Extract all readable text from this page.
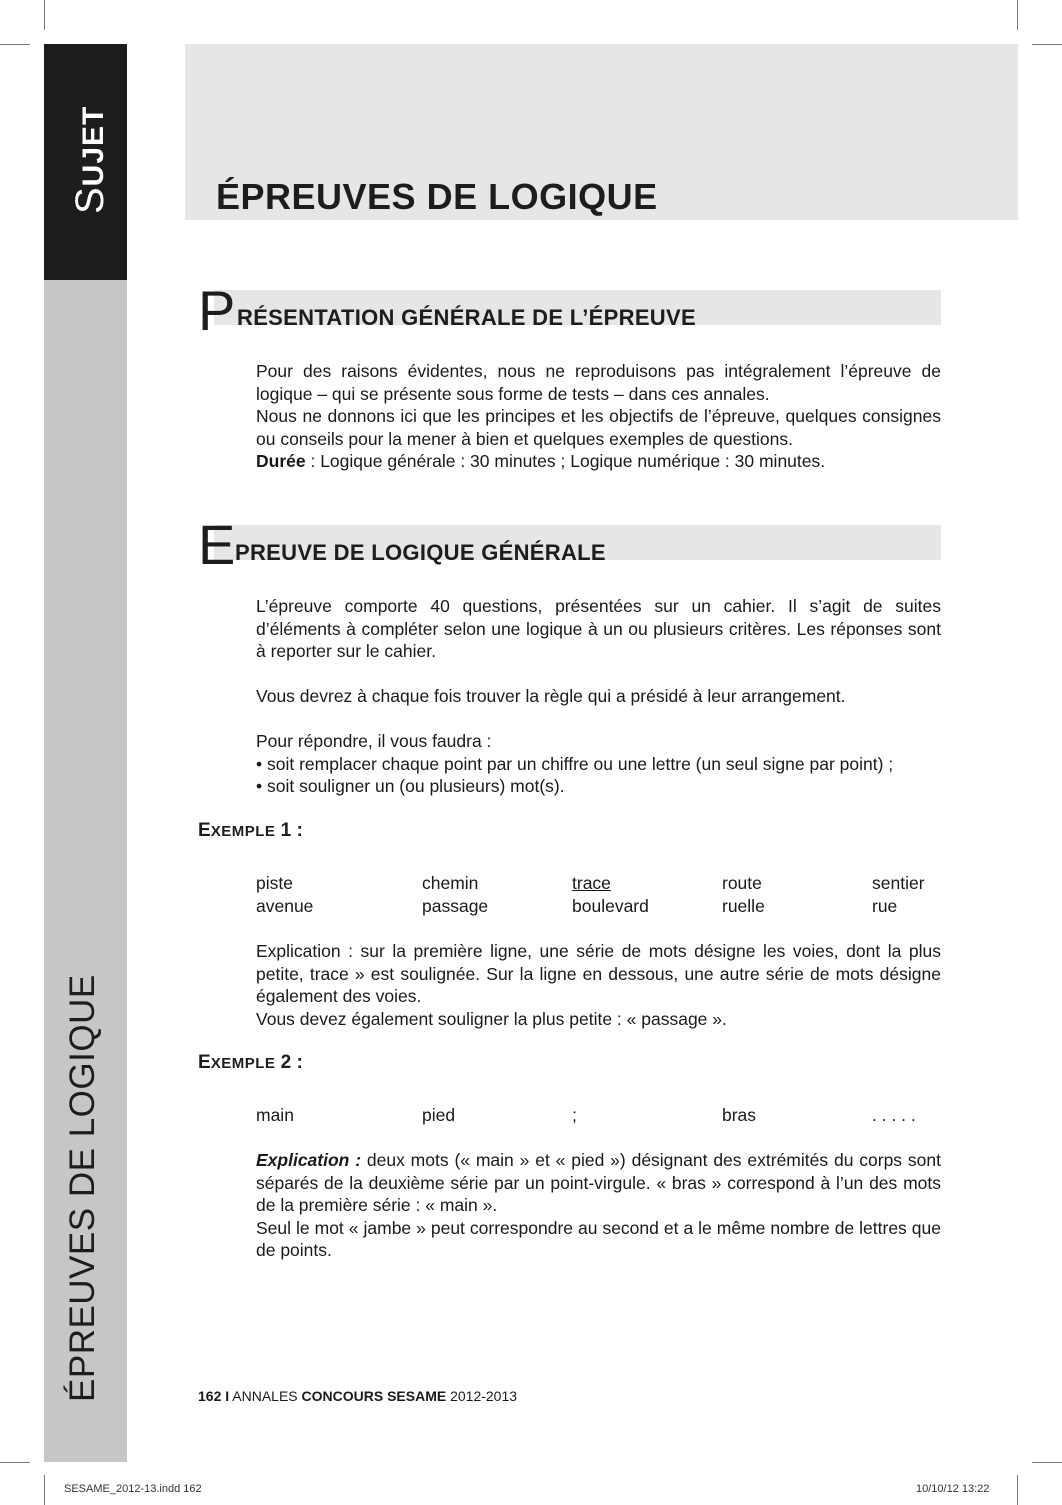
SUJET
ÉPREUVES DE LOGIQUE
ÉPREUVES DE LOGIQUE
P RÉSENTATION GÉNÉRALE DE L’ÉPREUVE

Pour des raisons évidentes, nous ne reproduisons pas intégralement l’épreuve de logique – qui se présente sous forme de tests – dans ces annales.

Nous ne donnons ici que les principes et les objectifs de l’épreuve, quelques consignes ou conseils pour la mener à bien et quelques exemples de questions.

Durée : Logique générale : 30 minutes ; Logique numérique : 30 minutes.

E PREUVE DE LOGIQUE GÉNÉRALE

L’épreuve comporte 40 questions, présentées sur un cahier. Il s’agit de suites d’éléments à compléter selon une logique à un ou plusieurs critères. Les réponses sont à reporter sur le cahier.

Vous devrez à chaque fois trouver la règle qui a présidé à leur arrangement.

Pour répondre, il vous faudra :

• soit remplacer chaque point par un chiffre ou une lettre (un seul signe par point) ;

• soit souligner un (ou plusieurs) mot(s).

EXEMPLE 1 :
piste	chemin	trace	route	sentier
avenue	passage	boulevard	ruelle	rue

Explication : sur la première ligne, une série de mots désigne les voies, dont la plus petite, trace » est soulignée. Sur la ligne en dessous, une autre série de mots désigne également des voies.

Vous devez également souligner la plus petite : « passage ».

EXEMPLE 2 :
main	pied	;	bras	. . . . .

Explication : deux mots (« main » et « pied ») désignant des extrémités du corps sont séparés de la deuxième série par un point-virgule. « bras » correspond à l’un des mots de la première série : « main ».

Seul le mot « jambe » peut correspondre au second et a le même nombre de lettres que de points.

162 I ANNALES CONCOURS SESAME 2012-2013
SESAME_2012-13.indd 162	10/10/12 13:22
